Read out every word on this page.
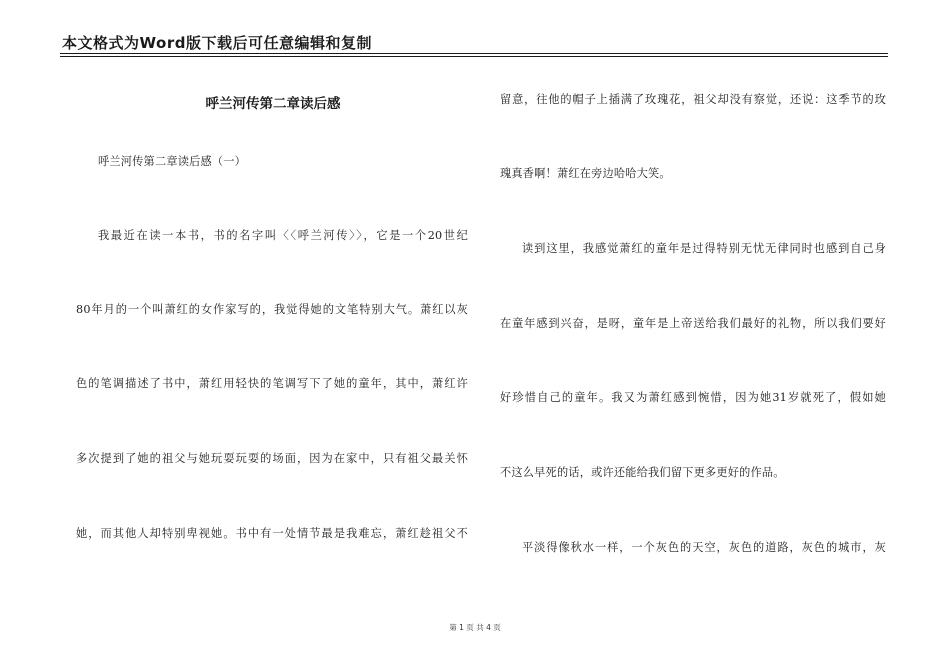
本文格式为Word版下载后可任意编辑和复制
呼兰河传第二章读后感
呼兰河传第二章读后感（一）
我最近在读一本书，书的名字叫〈〈呼兰河传〉〉，它是一个20世纪
80年月的一个叫萧红的女作家写的，我觉得她的文笔特别大气。萧红以灰
色的笔调描述了书中，萧红用轻快的笔调写下了她的童年，其中，萧红许
多次提到了她的祖父与她玩耍玩耍的场面，因为在家中，只有祖父最关怀
她，而其他人却特别卑视她。书中有一处情节最是我难忘，萧红趁祖父不
留意，往他的帽子上插满了玫瑰花，祖父却没有察觉，还说：这季节的玫
瑰真香啊！萧红在旁边哈哈大笑。
读到这里，我感觉萧红的童年是过得特别无忧无律同时也感到自己身
在童年感到兴奋，是呀，童年是上帝送给我们最好的礼物，所以我们要好
好珍惜自己的童年。我又为萧红感到惋惜，因为她31岁就死了，假如她
不这么早死的话，或许还能给我们留下更多更好的作品。
平淡得像秋水一样，一个灰色的天空，灰色的道路，灰色的城市，灰
第 1 页 共 4 页
